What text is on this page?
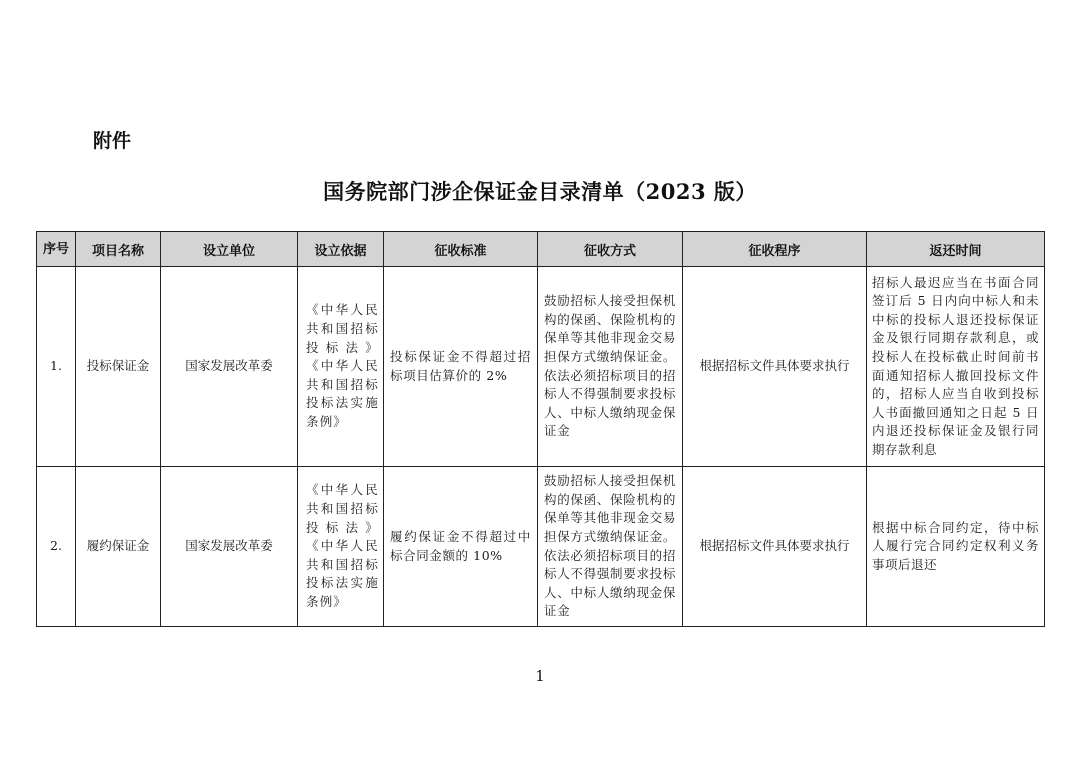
附件
国务院部门涉企保证金目录清单（2023 版）
序号	项目名称	设立单位	设立依据	征收标准	征收方式	征收程序	返还时间
1.	投标保证金	国家发展改革委	《中华人民共和国招标投标法》《中华人民共和国招标投标法实施条例》	投标保证金不得超过招标项目估算价的 2%	鼓励招标人接受担保机构的保函、保险机构的保单等其他非现金交易担保方式缴纳保证金。依法必须招标项目的招标人不得强制要求投标人、中标人缴纳现金保证金	根据招标文件具体要求执行	招标人最迟应当在书面合同签订后 5 日内向中标人和未中标的投标人退还投标保证金及银行同期存款利息，或投标人在投标截止时间前书面通知招标人撤回投标文件的，招标人应当自收到投标人书面撤回通知之日起 5 日内退还投标保证金及银行同期存款利息
2.	履约保证金	国家发展改革委	《中华人民共和国招标投标法》《中华人民共和国招标投标法实施条例》	履约保证金不得超过中标合同金额的 10%	鼓励招标人接受担保机构的保函、保险机构的保单等其他非现金交易担保方式缴纳保证金。依法必须招标项目的招标人不得强制要求投标人、中标人缴纳现金保证金	根据招标文件具体要求执行	根据中标合同约定，待中标人履行完合同约定权利义务事项后退还
1
